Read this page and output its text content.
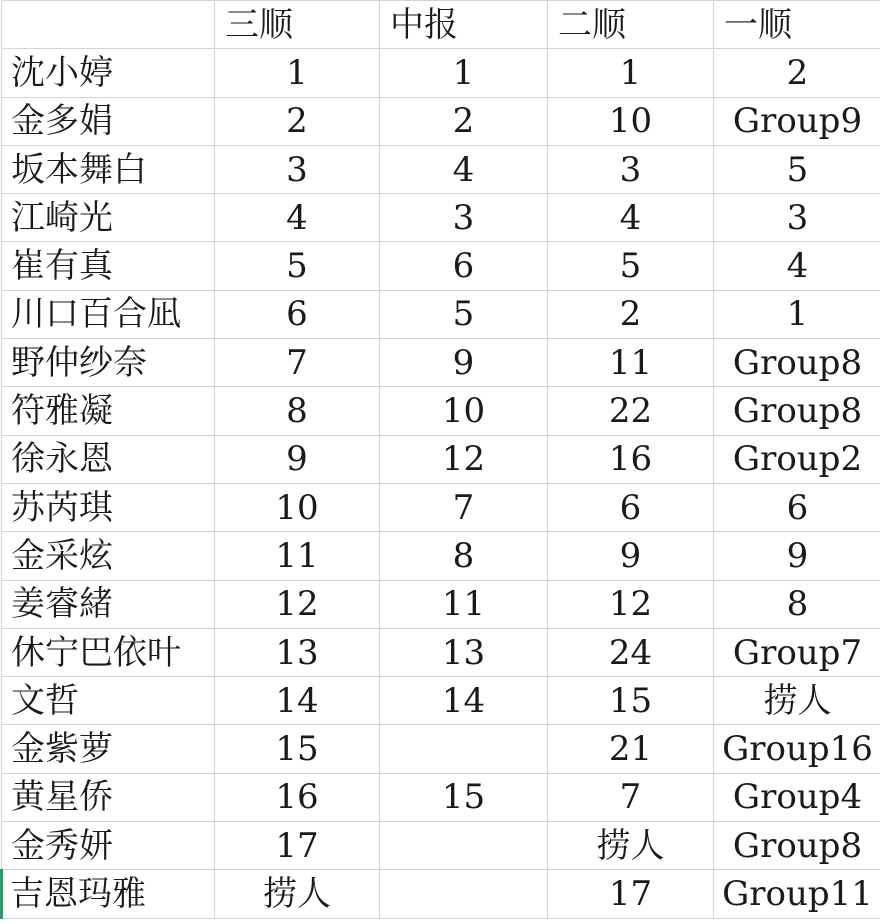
	三顺	中报	二顺	一顺
沈小婷	1	1	1	2
金多娟	2	2	10	Group9
坂本舞白	3	4	3	5
江崎光	4	3	4	3
崔有真	5	6	5	4
川口百合凪	6	5	2	1
野仲纱奈	7	9	11	Group8
符雅凝	8	10	22	Group8
徐永恩	9	12	16	Group2
苏芮琪	10	7	6	6
金采炫	11	8	9	9
姜睿緒	12	11	12	8
休宁巴依叶	13	13	24	Group7
文哲	14	14	15	捞人
金紫萝	15		21	Group16
黄星侨	16	15	7	Group4
金秀妍	17		捞人	Group8
吉恩玛雅	捞人		17	Group11
